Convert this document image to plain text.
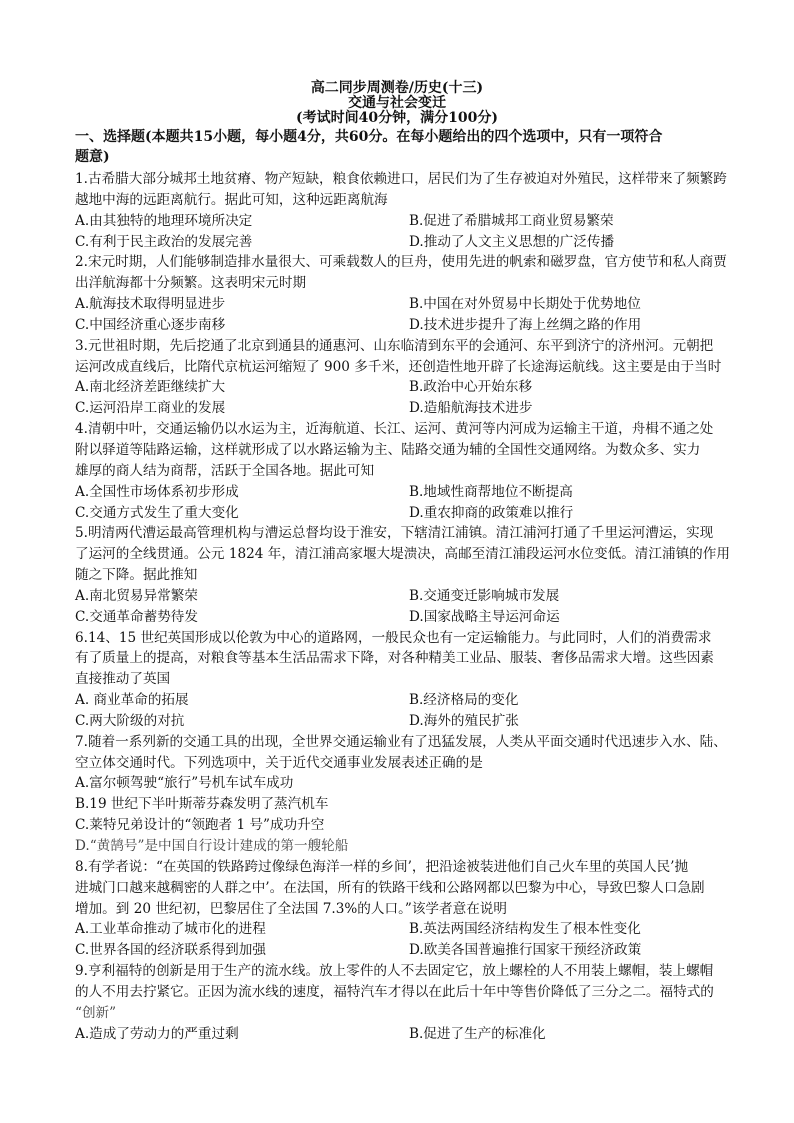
高二同步周测卷/历史(十三)
交通与社会变迁
(考试时间40分钟，满分100分)
一、选择题(本题共15小题，每小题4分，共60分。在每小题给出的四个选项中，只有一项符合
题意)
1.古希腊大部分城邦土地贫瘠、物产短缺，粮食依赖进口，居民们为了生存被迫对外殖民，这样带来了频繁跨
越地中海的远距离航行。据此可知，这种远距离航海
A.由其独特的地理环境所决定	B.促进了希腊城邦工商业贸易繁荣
C.有利于民主政治的发展完善	D.推动了人文主义思想的广泛传播
2.宋元时期，人们能够制造排水量很大、可乘载数人的巨舟，使用先进的帆索和磁罗盘，官方使节和私人商贾
出洋航海都十分频繁。这表明宋元时期
A.航海技术取得明显进步	B.中国在对外贸易中长期处于优势地位
C.中国经济重心逐步南移	D.技术进步提升了海上丝绸之路的作用
3.元世祖时期，先后挖通了北京到通县的通惠河、山东临清到东平的会通河、东平到济宁的济州河。元朝把
运河改成直线后，比隋代京杭运河缩短了 900 多千米，还创造性地开辟了长途海运航线。这主要是由于当时
A.南北经济差距继续扩大	B.政治中心开始东移
C.运河沿岸工商业的发展	D.造船航海技术进步
4.清朝中叶，交通运输仍以水运为主，近海航道、长江、运河、黄河等内河成为运输主干道，舟楫不通之处
附以驿道等陆路运输，这样就形成了以水路运输为主、陆路交通为辅的全国性交通网络。为数众多、实力
雄厚的商人结为商帮，活跃于全国各地。据此可知
A.全国性市场体系初步形成	B.地域性商帮地位不断提高
C.交通方式发生了重大变化	D.重农抑商的政策难以推行
5.明清两代漕运最高管理机构与漕运总督均设于淮安，下辖清江浦镇。清江浦河打通了千里运河漕运，实现
了运河的全线贯通。公元 1824 年，清江浦高家堰大堤溃决，高邮至清江浦段运河水位变低。清江浦镇的作用
随之下降。据此推知
A.南北贸易异常繁荣	B.交通变迁影响城市发展
C.交通革命蓄势待发	D.国家战略主导运河命运
6.14、15 世纪英国形成以伦敦为中心的道路网，一般民众也有一定运输能力。与此同时，人们的消费需求
有了质量上的提高，对粮食等基本生活品需求下降，对各种精美工业品、服装、奢侈品需求大增。这些因素
直接推动了英国
A. 商业革命的拓展	B.经济格局的变化
C.两大阶级的对抗	D.海外的殖民扩张
7.随着一系列新的交通工具的出现，全世界交通运输业有了迅猛发展，人类从平面交通时代迅速步入水、陆、
空立体交通时代。下列选项中，关于近代交通事业发展表述正确的是
A.富尔顿驾驶“旅行”号机车试车成功
B.19 世纪下半叶斯蒂芬森发明了蒸汽机车
C.莱特兄弟设计的“领跑者 1 号”成功升空
D.“黄鹄号”是中国自行设计建成的第一艘轮船
8.有学者说：“在英国的铁路跨过像绿色海洋一样的乡间’，把沿途被装进他们自己火车里的英国人民’抛
进城门口越来越稠密的人群之中’。在法国，所有的铁路干线和公路网都以巴黎为中心，导致巴黎人口急剧
增加。到 20 世纪初，巴黎居住了全法国 7.3%的人口。”该学者意在说明
A.工业革命推动了城市化的进程	B.英法两国经济结构发生了根本性变化
C.世界各国的经济联系得到加强	D.欧美各国普遍推行国家干预经济政策
9.亨利福特的创新是用于生产的流水线。放上零件的人不去固定它，放上螺栓的人不用装上螺帽，装上螺帽
的人不用去拧紧它。正因为流水线的速度，福特汽车才得以在此后十年中等售价降低了三分之二。福特式的
“创新”
A.造成了劳动力的严重过剩	B.促进了生产的标准化
